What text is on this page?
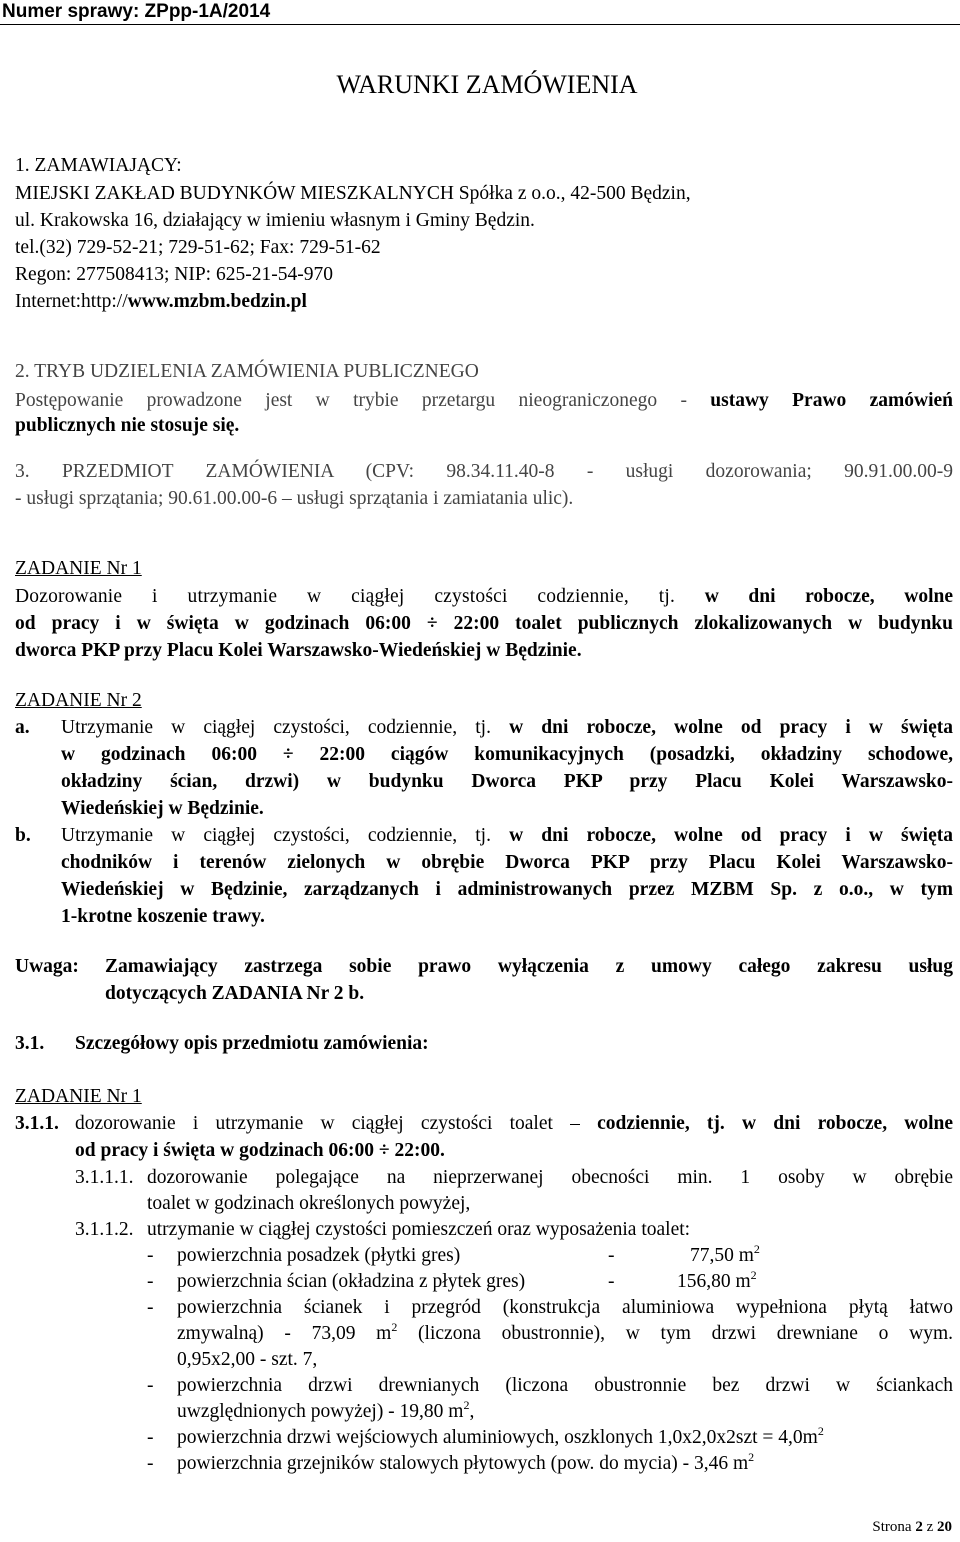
Numer sprawy: ZPpp-1A/2014
WARUNKI ZAMÓWIENIA
1. ZAMAWIAJĄCY:
MIEJSKI ZAKŁAD BUDYNKÓW MIESZKALNYCH Spółka z o.o., 42-500 Będzin,
ul. Krakowska 16, działający w imieniu własnym i Gminy Będzin.
tel.(32) 729-52-21; 729-51-62; Fax: 729-51-62
Regon: 277508413; NIP: 625-21-54-970
Internet:http://www.mzbm.bedzin.pl
2. TRYB UDZIELENIA ZAMÓWIENIA PUBLICZNEGO
Postępowanie prowadzone jest w trybie przetargu nieograniczonego - ustawy Prawo zamówień
publicznych nie stosuje się.
3. PRZEDMIOT ZAMÓWIENIA (CPV: 98.34.11.40-8 - usługi dozorowania; 90.91.00.00-9
- usługi sprzątania; 90.61.00.00-6 – usługi sprzątania i zamiatania ulic).
ZADANIE Nr 1
Dozorowanie i utrzymanie w ciągłej czystości codziennie, tj. w dni robocze, wolne
od pracy i w święta w godzinach 06:00 ÷ 22:00 toalet publicznych zlokalizowanych w budynku
dworca PKP przy Placu Kolei Warszawsko-Wiedeńskiej w Będzinie.
ZADANIE Nr 2
a. Utrzymanie w ciągłej czystości, codziennie, tj. w dni robocze, wolne od pracy i w święta
w godzinach 06:00 ÷ 22:00 ciągów komunikacyjnych (posadzki, okładziny schodowe,
okładziny ścian, drzwi) w budynku Dworca PKP przy Placu Kolei Warszawsko-
Wiedeńskiej w Będzinie.
b. Utrzymanie w ciągłej czystości, codziennie, tj. w dni robocze, wolne od pracy i w święta
chodników i terenów zielonych w obrębie Dworca PKP przy Placu Kolei Warszawsko-
Wiedeńskiej w Będzinie, zarządzanych i administrowanych przez MZBM Sp. z o.o., w tym
1-krotne koszenie trawy.
Uwaga: Zamawiający zastrzega sobie prawo wyłączenia z umowy całego zakresu usług
dotyczących ZADANIA Nr 2 b.
3.1. Szczegółowy opis przedmiotu zamówienia:
ZADANIE Nr 1
3.1.1. dozorowanie i utrzymanie w ciągłej czystości toalet – codziennie, tj. w dni robocze, wolne
od pracy i święta w godzinach 06:00 ÷ 22:00.
3.1.1.1. dozorowanie polegające na nieprzerwanej obecności min. 1 osoby w obrębie
toalet w godzinach określonych powyżej,
3.1.1.2. utrzymanie w ciągłej czystości pomieszczeń oraz wyposażenia toalet:
- powierzchnia posadzek (płytki gres)	-	77,50 $m^2$
- powierzchnia ścian (okładzina z płytek gres)	-	156,80 $m^2$
- powierzchnia ścianek i przegród (konstrukcja aluminiowa wypełniona płytą łatwo
zmywalną) - 73,09 $m^2$ (liczona obustronnie), w tym drzwi drewniane o wym.
0,95x2,00 - szt. 7,
- powierzchnia drzwi drewnianych (liczona obustronnie bez drzwi w ściankach
uwzględnionych powyżej) - 19,80 $m^2$,
- powierzchnia drzwi wejściowych aluminiowych, oszklonych $1,0x2,0x2szt = 4,0m^2$
- powierzchnia grzejników stalowych płytowych (pow. do mycia) - 3,46 $m^2$
Strona 2 z 20
